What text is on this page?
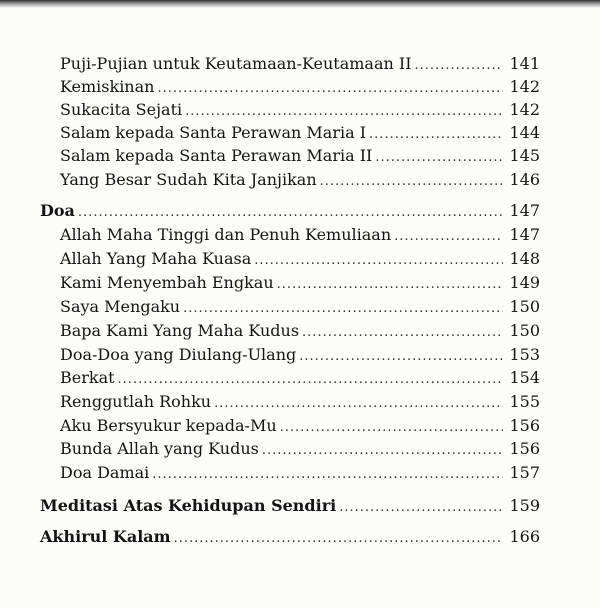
Puji-Pujian untuk Keutamaan-Keutamaan II .....	141
Kemiskinan .....	142
Sukacita Sejati .....	142
Salam kepada Santa Perawan Maria I .....	144
Salam kepada Santa Perawan Maria II .....	145
Yang Besar Sudah Kita Janjikan .....	146
Doa .....	147
Allah Maha Tinggi dan Penuh Kemuliaan .....	147
Allah Yang Maha Kuasa .....	148
Kami Menyembah Engkau .....	149
Saya Mengaku .....	150
Bapa Kami Yang Maha Kudus .....	150
Doa-Doa yang Diulang-Ulang .....	153
Berkat .....	154
Renggutlah Rohku .....	155
Aku Bersyukur kepada-Mu .....	156
Bunda Allah yang Kudus .....	156
Doa Damai .....	157
Meditasi Atas Kehidupan Sendiri .....	159
Akhirul Kalam .....	166
